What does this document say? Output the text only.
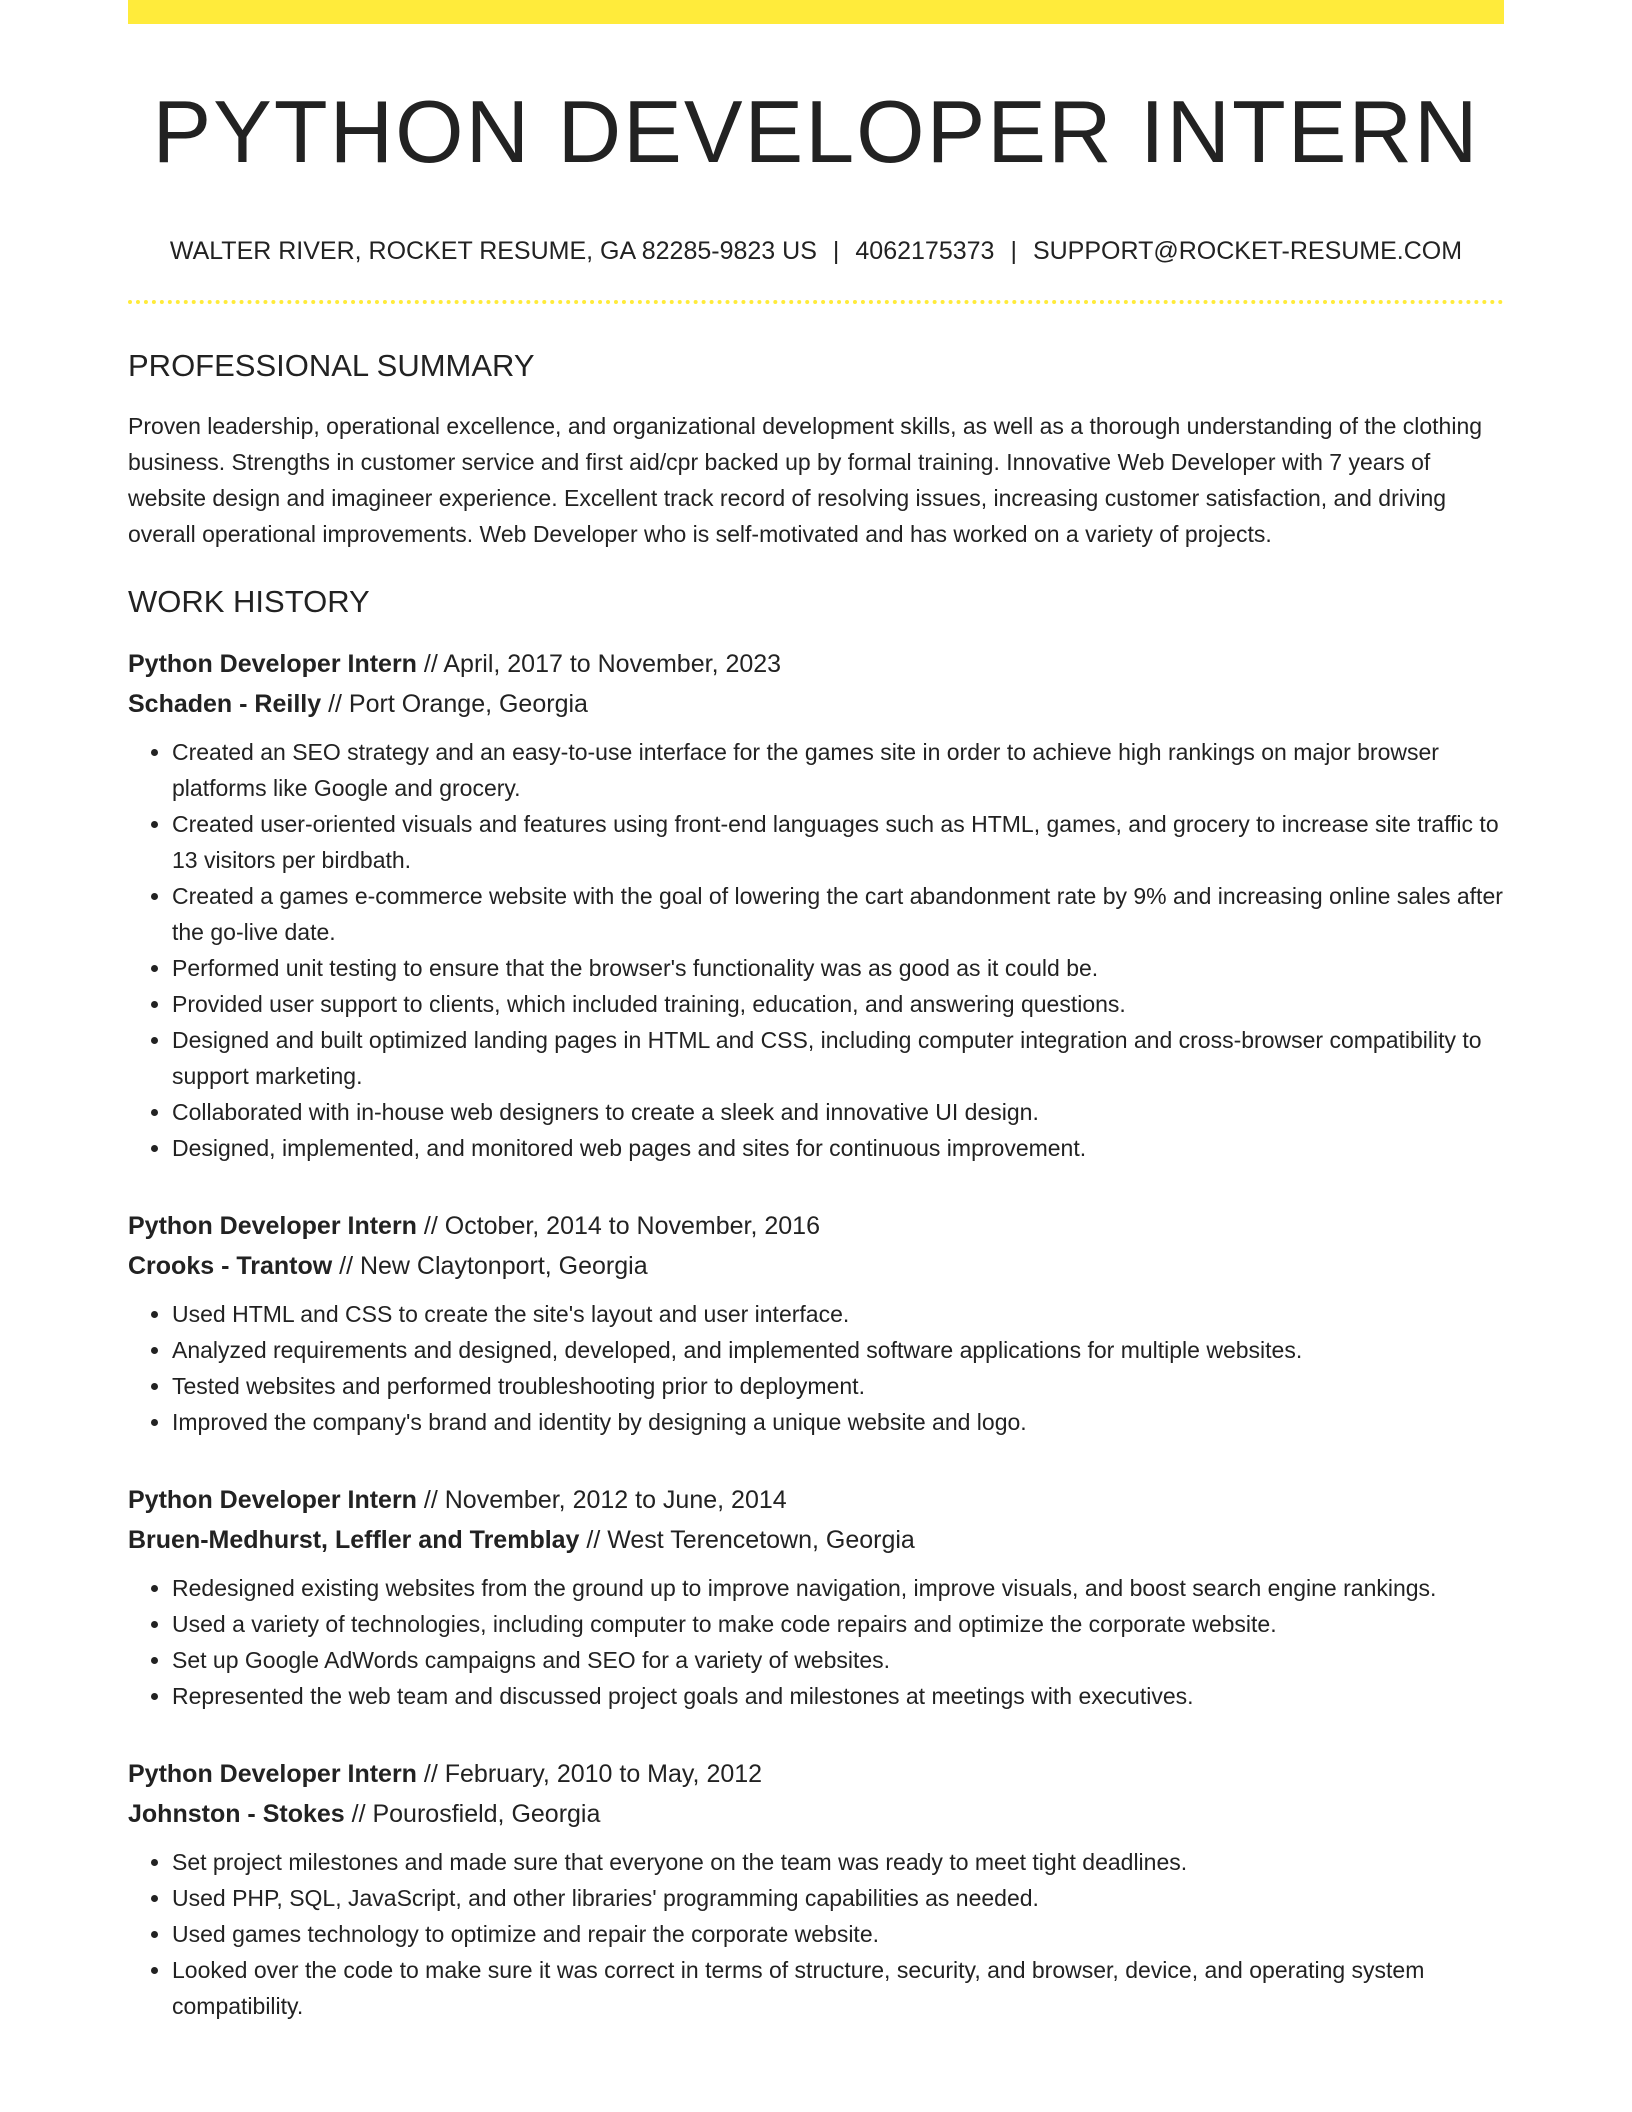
PYTHON DEVELOPER INTERN
WALTER RIVER, ROCKET RESUME, GA 82285-9823 US | 4062175373 | SUPPORT@ROCKET-RESUME.COM
PROFESSIONAL SUMMARY

Proven leadership, operational excellence, and organizational development skills, as well as a thorough understanding of the clothing business. Strengths in customer service and first aid/cpr backed up by formal training. Innovative Web Developer with 7 years of website design and imagineer experience. Excellent track record of resolving issues, increasing customer satisfaction, and driving overall operational improvements. Web Developer who is self-motivated and has worked on a variety of projects.

WORK HISTORY
Python Developer Intern // April, 2017 to November, 2023
Schaden - Reilly // Port Orange, Georgia
• Created an SEO strategy and an easy-to-use interface for the games site in order to achieve high rankings on major browser platforms like Google and grocery.
• Created user-oriented visuals and features using front-end languages such as HTML, games, and grocery to increase site traffic to 13 visitors per birdbath.
• Created a games e-commerce website with the goal of lowering the cart abandonment rate by 9% and increasing online sales after the go-live date.
• Performed unit testing to ensure that the browser's functionality was as good as it could be.
• Provided user support to clients, which included training, education, and answering questions.
• Designed and built optimized landing pages in HTML and CSS, including computer integration and cross-browser compatibility to support marketing.
• Collaborated with in-house web designers to create a sleek and innovative UI design.
• Designed, implemented, and monitored web pages and sites for continuous improvement.
Python Developer Intern // October, 2014 to November, 2016
Crooks - Trantow // New Claytonport, Georgia
• Used HTML and CSS to create the site's layout and user interface.
• Analyzed requirements and designed, developed, and implemented software applications for multiple websites.
• Tested websites and performed troubleshooting prior to deployment.
• Improved the company's brand and identity by designing a unique website and logo.
Python Developer Intern // November, 2012 to June, 2014
Bruen-Medhurst, Leffler and Tremblay // West Terencetown, Georgia
• Redesigned existing websites from the ground up to improve navigation, improve visuals, and boost search engine rankings.
• Used a variety of technologies, including computer to make code repairs and optimize the corporate website.
• Set up Google AdWords campaigns and SEO for a variety of websites.
• Represented the web team and discussed project goals and milestones at meetings with executives.
Python Developer Intern // February, 2010 to May, 2012
Johnston - Stokes // Pourosfield, Georgia
• Set project milestones and made sure that everyone on the team was ready to meet tight deadlines.
• Used PHP, SQL, JavaScript, and other libraries' programming capabilities as needed.
• Used games technology to optimize and repair the corporate website.
• Looked over the code to make sure it was correct in terms of structure, security, and browser, device, and operating system compatibility.
